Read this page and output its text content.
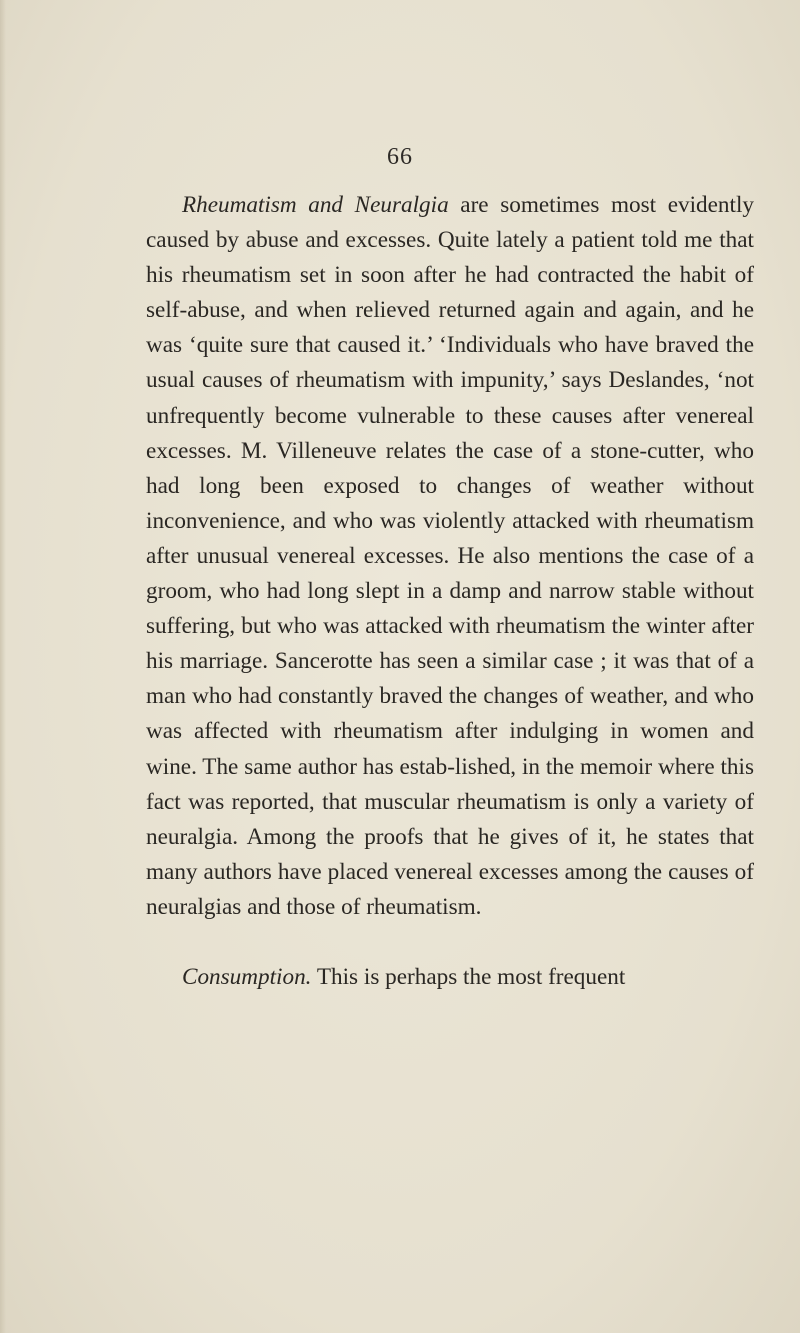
66

Rheumatism and Neuralgia are sometimes most evidently caused by abuse and excesses. Quite lately a patient told me that his rheumatism set in soon after he had contracted the habit of self-abuse, and when relieved returned again and again, and he was ‘quite sure that caused it.’ ‘Individuals who have braved the usual causes of rheumatism with impunity,’ says Deslandes, ‘not unfrequently become vulnerable to these causes after venereal excesses. M. Villeneuve relates the case of a stone-cutter, who had long been exposed to changes of weather without inconvenience, and who was violently attacked with rheumatism after unusual venereal excesses. He also mentions the case of a groom, who had long slept in a damp and narrow stable without suffering, but who was attacked with rheumatism the winter after his marriage. Sancerotte has seen a similar case ; it was that of a man who had constantly braved the changes of weather, and who was affected with rheumatism after indulging in women and wine. The same author has estab-lished, in the memoir where this fact was reported, that muscular rheumatism is only a variety of neuralgia. Among the proofs that he gives of it, he states that many authors have placed venereal excesses among the causes of neuralgias and those of rheumatism.

Consumption. This is perhaps the most frequent
